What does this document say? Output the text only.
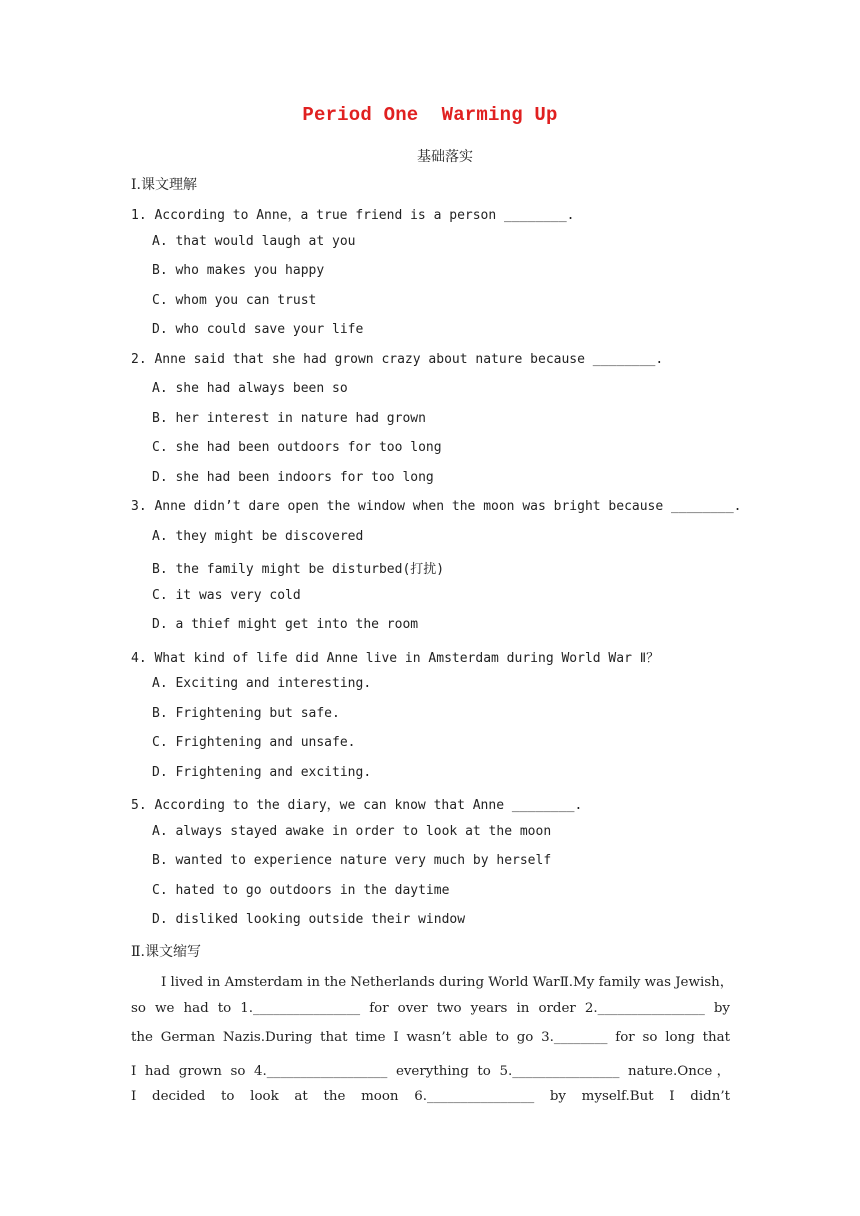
Period One  Warming Up
基础落实
Ⅰ.课文理解
1. According to Anne，a true friend is a person ________.
A. that would laugh at you
B. who makes you happy
C. whom you can trust
D. who could save your life
2. Anne said that she had grown crazy about nature because ________.
A. she had always been so
B. her interest in nature had grown
C. she had been outdoors for too long
D. she had been indoors for too long
3. Anne didn’t dare open the window when the moon was bright because ________.
A. they might be discovered
B. the family might be disturbed(打扰)
C. it was very cold
D. a thief might get into the room
4. What kind of life did Anne live in Amsterdam during World War Ⅱ？
A. Exciting and interesting.
B. Frightening but safe.
C. Frightening and unsafe.
D. Frightening and exciting.
5. According to the diary，we can know that Anne ________.
A. always stayed awake in order to look at the moon
B. wanted to experience nature very much by herself
C. hated to go outdoors in the daytime
D. disliked looking outside their window
Ⅱ.课文缩写
I lived in Amsterdam in the Netherlands during World WarⅡ.My family was Jewish，
so we had to 1.________________ for over two years in order 2.________________ by
the German Nazis.During that time I wasn’t able to go 3.________ for so long that
I had grown so 4.__________________ everything to 5.________________ nature.Once，
I decided to look at the moon 6.________________ by myself.But I didn’t
